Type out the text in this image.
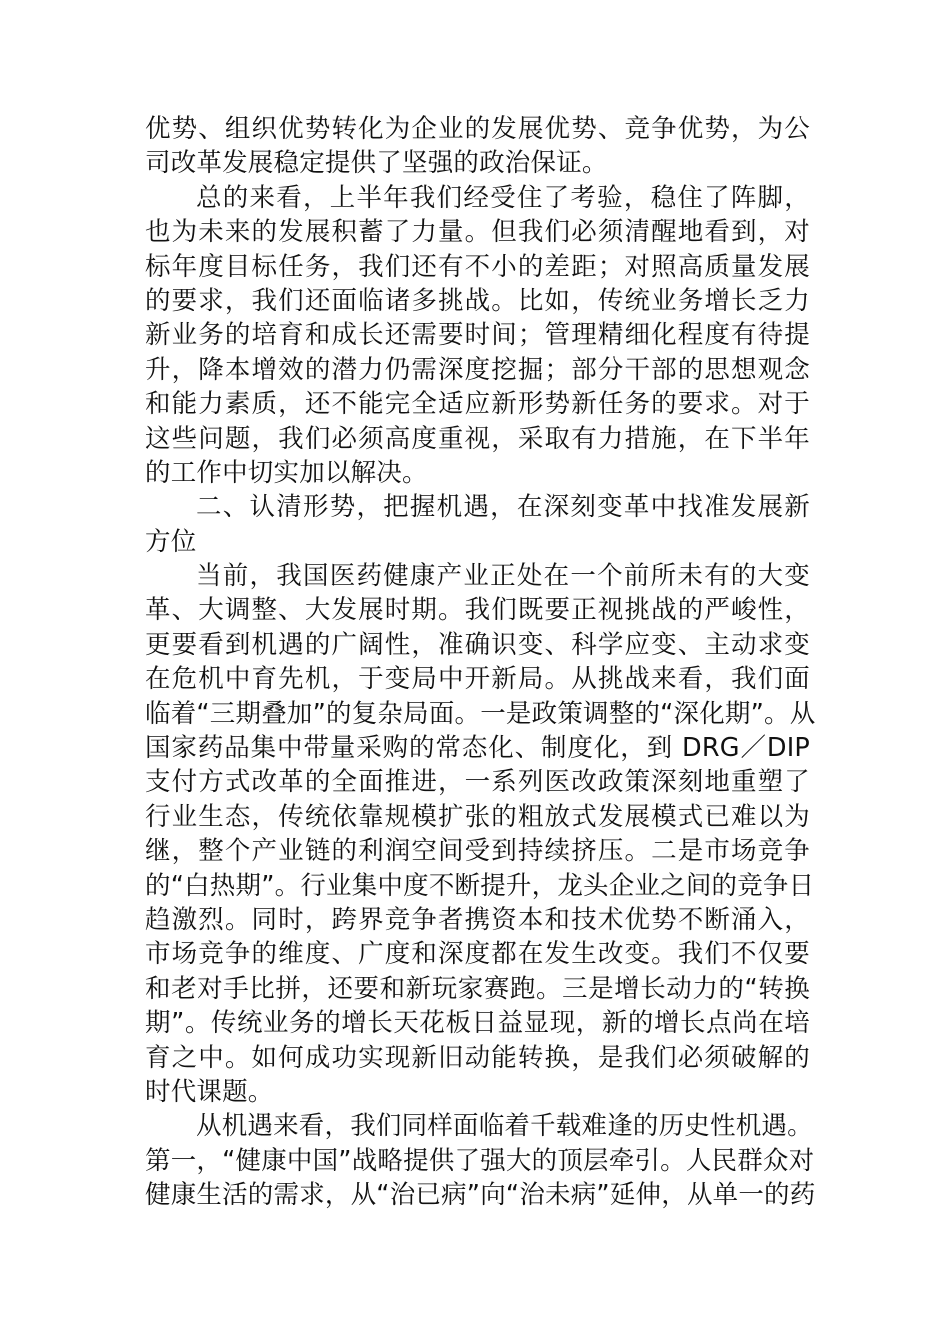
优势、组织优势转化为企业的发展优势、竞争优势，为公
司改革发展稳定提供了坚强的政治保证。
总的来看，上半年我们经受住了考验，稳住了阵脚，
也为未来的发展积蓄了力量。但我们必须清醒地看到，对
标年度目标任务，我们还有不小的差距；对照高质量发展
的要求，我们还面临诸多挑战。比如，传统业务增长乏力
新业务的培育和成长还需要时间；管理精细化程度有待提
升，降本增效的潜力仍需深度挖掘；部分干部的思想观念
和能力素质，还不能完全适应新形势新任务的要求。对于
这些问题，我们必须高度重视，采取有力措施，在下半年
的工作中切实加以解决。
二、认清形势，把握机遇，在深刻变革中找准发展新
方位
当前，我国医药健康产业正处在一个前所未有的大变
革、大调整、大发展时期。我们既要正视挑战的严峻性，
更要看到机遇的广阔性，准确识变、科学应变、主动求变
在危机中育先机，于变局中开新局。从挑战来看，我们面
临着“三期叠加”的复杂局面。一是政策调整的“深化期”。从
国家药品集中带量采购的常态化、制度化，到 DRG／DIP
支付方式改革的全面推进，一系列医改政策深刻地重塑了
行业生态，传统依靠规模扩张的粗放式发展模式已难以为
继，整个产业链的利润空间受到持续挤压。二是市场竞争
的“白热期”。行业集中度不断提升，龙头企业之间的竞争日
趋激烈。同时，跨界竞争者携资本和技术优势不断涌入，
市场竞争的维度、广度和深度都在发生改变。我们不仅要
和老对手比拼，还要和新玩家赛跑。三是增长动力的“转换
期”。传统业务的增长天花板日益显现，新的增长点尚在培
育之中。如何成功实现新旧动能转换，是我们必须破解的
时代课题。
从机遇来看，我们同样面临着千载难逢的历史性机遇。
第一，“健康中国”战略提供了强大的顶层牵引。人民群众对
健康生活的需求，从“治已病”向“治未病”延伸，从单一的药
